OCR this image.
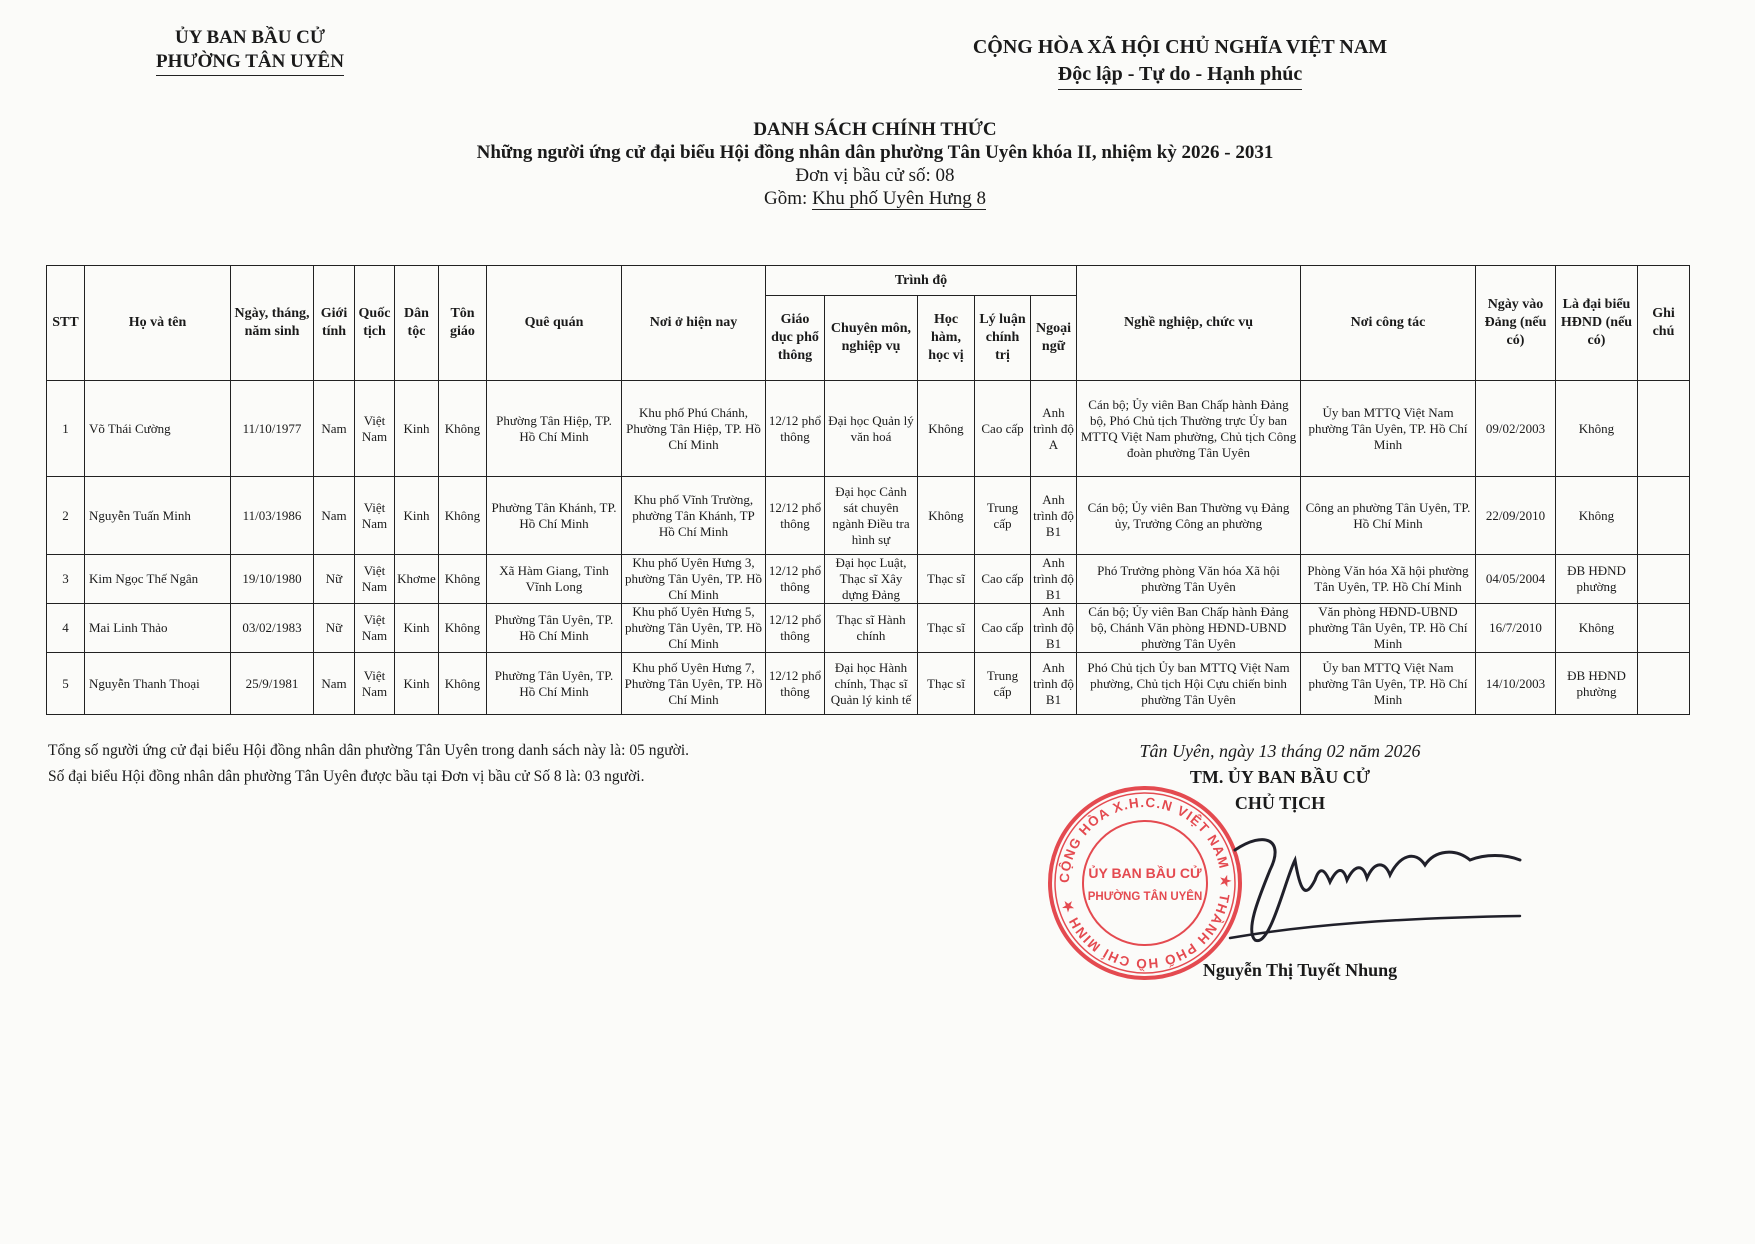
ỦY BAN BẦU CỬ
PHƯỜNG TÂN UYÊN
CỘNG HÒA XÃ HỘI CHỦ NGHĨA VIỆT NAM
Độc lập - Tự do - Hạnh phúc
DANH SÁCH CHÍNH THỨC
Những người ứng cử đại biểu Hội đồng nhân dân phường Tân Uyên khóa II, nhiệm kỳ 2026 - 2031
Đơn vị bầu cử số: 08
Gồm: Khu phố Uyên Hưng 8
STT	Họ và tên	Ngày, tháng, năm sinh	Giới tính	Quốc tịch	Dân tộc	Tôn giáo	Quê quán	Nơi ở hiện nay	Trình độ					Nghề nghiệp, chức vụ	Nơi công tác	Ngày vào Đảng (nếu có)	Là đại biểu HĐND (nếu có)	Ghi chú
									Giáo dục phổ thông	Chuyên môn, nghiệp vụ	Học hàm, học vị	Lý luận chính trị	Ngoại ngữ					
1	Võ Thái Cường	11/10/1977	Nam	Việt Nam	Kinh	Không	Phường Tân Hiệp, TP. Hồ Chí Minh	Khu phố Phú Chánh, Phường Tân Hiệp, TP. Hồ Chí Minh	12/12 phổ thông	Đại học Quản lý văn hoá	Không	Cao cấp	Anh trình độ A	Cán bộ; Ủy viên Ban Chấp hành Đảng bộ, Phó Chủ tịch Thường trực Ủy ban MTTQ Việt Nam phường, Chủ tịch Công đoàn phường Tân Uyên	Ủy ban MTTQ Việt Nam phường Tân Uyên, TP. Hồ Chí Minh	09/02/2003	Không	
2	Nguyễn Tuấn Minh	11/03/1986	Nam	Việt Nam	Kinh	Không	Phường Tân Khánh, TP. Hồ Chí Minh	Khu phố Vĩnh Trường, phường Tân Khánh, TP Hồ Chí Minh	12/12 phổ thông	Đại học Cảnh sát chuyên ngành Điều tra hình sự	Không	Trung cấp	Anh trình độ B1	Cán bộ; Ủy viên Ban Thường vụ Đảng ủy, Trưởng Công an phường	Công an phường Tân Uyên, TP. Hồ Chí Minh	22/09/2010	Không	
3	Kim Ngọc Thế Ngân	19/10/1980	Nữ	Việt Nam	Khơme	Không	Xã Hàm Giang, Tỉnh Vĩnh Long	Khu phố Uyên Hưng 3, phường Tân Uyên, TP. Hồ Chí Minh	12/12 phổ thông	Đại học Luật, Thạc sĩ Xây dựng Đảng	Thạc sĩ	Cao cấp	Anh trình độ B1	Phó Trưởng phòng Văn hóa Xã hội phường Tân Uyên	Phòng Văn hóa Xã hội phường Tân Uyên, TP. Hồ Chí Minh	04/05/2004	ĐB HĐND phường	
4	Mai Linh Thảo	03/02/1983	Nữ	Việt Nam	Kinh	Không	Phường Tân Uyên, TP. Hồ Chí Minh	Khu phố Uyên Hưng 5, phường Tân Uyên, TP. Hồ Chí Minh	12/12 phổ thông	Thạc sĩ Hành chính	Thạc sĩ	Cao cấp	Anh trình độ B1	Cán bộ; Ủy viên Ban Chấp hành Đảng bộ, Chánh Văn phòng HĐND-UBND phường Tân Uyên	Văn phòng HĐND-UBND phường Tân Uyên, TP. Hồ Chí Minh	16/7/2010	Không	
5	Nguyễn Thanh Thoại	25/9/1981	Nam	Việt Nam	Kinh	Không	Phường Tân Uyên, TP. Hồ Chí Minh	Khu phố Uyên Hưng 7, Phường Tân Uyên, TP. Hồ Chí Minh	12/12 phổ thông	Đại học Hành chính, Thạc sĩ Quản lý kinh tế	Thạc sĩ	Trung cấp	Anh trình độ B1	Phó Chủ tịch Ủy ban MTTQ Việt Nam phường, Chủ tịch Hội Cựu chiến binh phường Tân Uyên	Ủy ban MTTQ Việt Nam phường Tân Uyên, TP. Hồ Chí Minh	14/10/2003	ĐB HĐND phường	
Tổng số người ứng cử đại biểu Hội đồng nhân dân phường Tân Uyên trong danh sách này là: 05 người.
Số đại biểu Hội đồng nhân dân phường Tân Uyên được bầu tại Đơn vị bầu cử Số 8 là: 03 người.
Tân Uyên, ngày 13 tháng 02 năm 2026
TM. ỦY BAN BẦU CỬ
CHỦ TỊCH
CỘNG HÒA X.H.C.N VIỆT NAM ★ THÀNH PHỐ HỒ CHÍ MINH ★
ỦY BAN BẦU CỬ
PHƯỜNG TÂN UYÊN
Nguyễn Thị Tuyết Nhung
